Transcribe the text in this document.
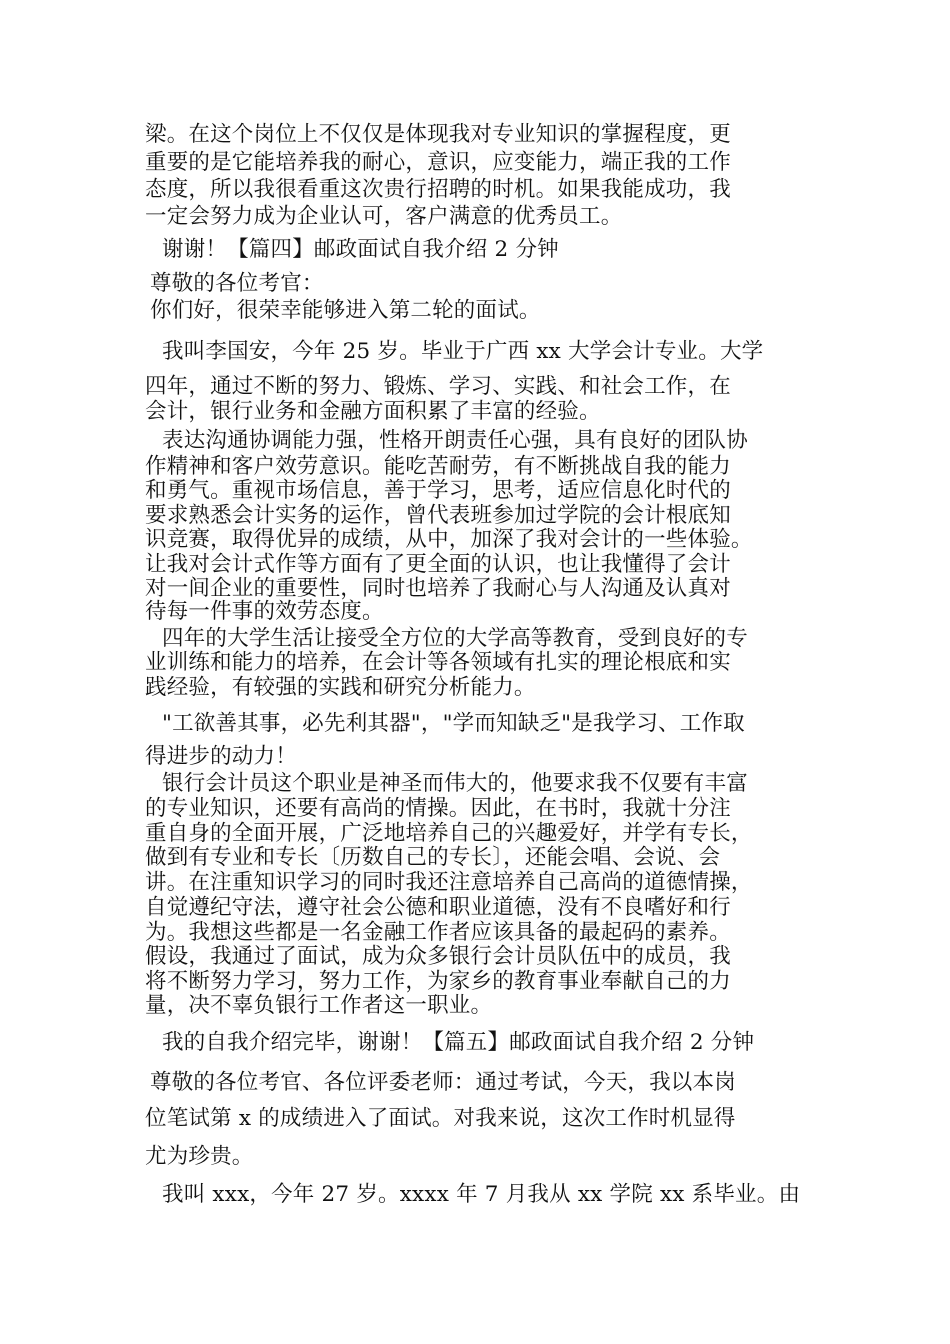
梁。在这个岗位上不仅仅是体现我对专业知识的掌握程度，更
重要的是它能培养我的耐心，意识，应变能力，端正我的工作
态度，所以我很看重这次贵行招聘的时机。如果我能成功，我
一定会努力成为企业认可，客户满意的优秀员工。
谢谢！【篇四】邮政面试自我介绍 2 分钟
尊敬的各位考官：
你们好，很荣幸能够进入第二轮的面试。
我叫李国安，今年 25 岁。毕业于广西 xx 大学会计专业。大学
四年，通过不断的努力、锻炼、学习、实践、和社会工作，在
会计，银行业务和金融方面积累了丰富的经验。
表达沟通协调能力强，性格开朗责任心强，具有良好的团队协
作精神和客户效劳意识。能吃苦耐劳，有不断挑战自我的能力
和勇气。重视市场信息，善于学习，思考，适应信息化时代的
要求熟悉会计实务的运作，曾代表班参加过学院的会计根底知
识竞赛，取得优异的成绩，从中，加深了我对会计的一些体验。
让我对会计式作等方面有了更全面的认识，也让我懂得了会计
对一间企业的重要性，同时也培养了我耐心与人沟通及认真对
待每一件事的效劳态度。
四年的大学生活让接受全方位的大学高等教育，受到良好的专
业训练和能力的培养，在会计等各领域有扎实的理论根底和实
践经验，有较强的实践和研究分析能力。
"工欲善其事，必先利其器"，"学而知缺乏"是我学习、工作取
得进步的动力！
银行会计员这个职业是神圣而伟大的，他要求我不仅要有丰富
的专业知识，还要有高尚的情操。因此，在书时，我就十分注
重自身的全面开展，广泛地培养自己的兴趣爱好，并学有专长，
做到有专业和专长〔历数自己的专长〕，还能会唱、会说、会
讲。在注重知识学习的同时我还注意培养自己高尚的道德情操，
自觉遵纪守法，遵守社会公德和职业道德，没有不良嗜好和行
为。我想这些都是一名金融工作者应该具备的最起码的素养。
假设，我通过了面试，成为众多银行会计员队伍中的成员，我
将不断努力学习，努力工作，为家乡的教育事业奉献自己的力
量，决不辜负银行工作者这一职业。
我的自我介绍完毕，谢谢！【篇五】邮政面试自我介绍 2 分钟
尊敬的各位考官、各位评委老师：通过考试，今天，我以本岗
位笔试第 x 的成绩进入了面试。对我来说，这次工作时机显得
尤为珍贵。
我叫 xxx，今年 27 岁。xxxx 年 7 月我从 xx 学院 xx 系毕业。由
